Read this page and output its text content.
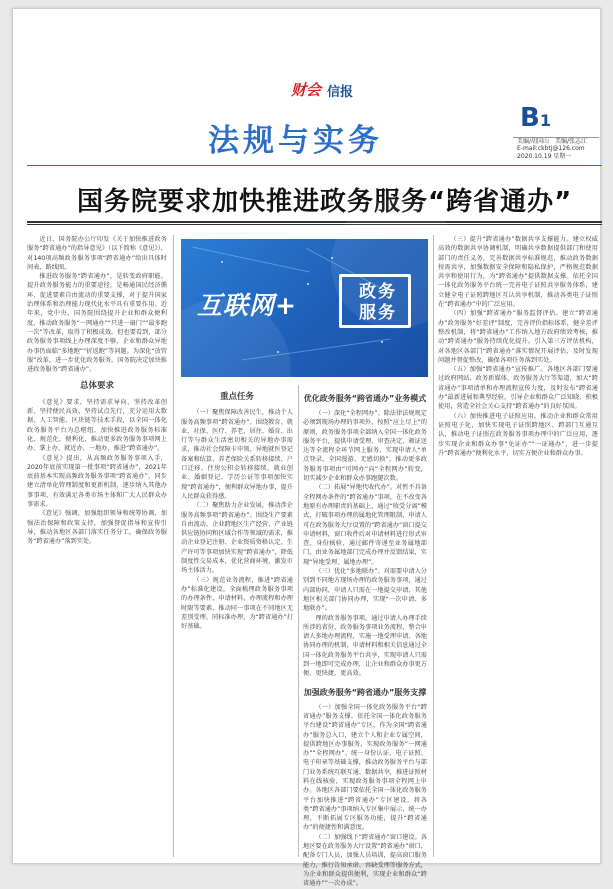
财会 信报
法规与实务
B1
美编/胡国山　美编/张志江
E-mail:ckbtj@126.com
2020.10.19 星期一
国务院要求加快推进政务服务“跨省通办”

近日，国务院办公厅印发《关于加快推进政务服务“跨省通办”的指导意见》（以下简称《意见》），对140项高频政务服务事项“跨省通办”给出具体时间表、路线图。

推进政务服务“跨省通办”，是转变政府职能、提升政务服务能力的重要途径，是畅通国民经济循环、促进要素自由流动的重要支撑，对于提升国家治理体系和治理能力现代化水平具有重要作用。近年来，党中央、国务院围绕提升企业和群众便利度，推动政务服务“一网通办”“只进一扇门”“最多跑一次”等改革，取得了积极成效。但也要看到，部分政务服务事项线上办理深度不够，企业和群众异地办事仍面临“多地跑”“折返跑”等问题。为深化“放管服”改革，进一步优化政务服务，国务院决定加快推进政务服务“跨省通办”。

总体要求

《意见》要求，坚持需求导向、坚持改革创新、坚持便民高效、坚持试点先行，充分运用大数据、人工智能、区块链等技术手段，以全国一体化政务服务平台为总枢纽，加快推进政务服务标准化、规范化、便利化，推动更多政务服务事项网上办、掌上办、就近办、一地办，推进“跨省通办”。

《意见》提出，从高频政务服务事项入手，2020年底前实现第一批事项“跨省通办”，2021年底前基本实现高频政务服务事项“跨省通办”，同步建立清单化管理制度和更新机制，逐步纳入其他办事事项，有效满足各类市场主体和广大人民群众办事需求。

《意见》强调，加强组织领导和统筹协调，加强法治保障和政策支持，加强督促指导和宣传引导，推动各地区各部门落实任务分工，确保政务服务“跨省通办”落到实处。

互联网+	政务
服务
重点任务

（一）聚焦保障改善民生，推动个人服务高频事项“跨省通办”。围绕教育、就业、社保、医疗、养老、居住、婚育、出行等与群众生活密切相关的异地办事需求，推动社会保障卡申领、异地就医登记备案和结算、养老保险关系转移接续、户口迁移、住房公积金转移接续、就业创业、婚姻登记、学历公证等事项加快实现“跨省通办”，便利群众异地办事，提升人民群众获得感。

（二）聚焦助力企业发展，推动涉企服务高频事项“跨省通办”。围绕生产要素自由流动、企业跨地区生产经营、产业链供应链协同和区域合作等领域的需求，推动企业登记注册、企业资质资格认定、生产许可等事项加快实现“跨省通办”，降低制度性交易成本，优化营商环境，激发市场主体活力。

（三）规范业务流程，推进“跨省通办”标准化建设。全面梳理政务服务事项的办理条件、申请材料、办理流程和办理时限等要素，推动同一事项在不同地区无差别受理、同标准办理，为“跨省通办”打好基础。

优化政务服务“跨省通办”业务模式

（一）深化“全程网办”。除法律法规规定必须到现场办理的事项外，按照“应上尽上”的原则，政务服务事项全部纳入全国一体化政务服务平台，提供申请受理、审查决定、颁证送达等全流程全环节网上服务，实现申请人“单点登录、全国漫游、无感切换”，推动更多政务服务事项由“可网办”向“全程网办”转变，切实减少企业和群众办事跑腿次数。

（二）拓展“异地代收代办”。对暂不具备全程网办条件的“跨省通办”事项，在不改变各地原有办理职责的基础上，通过“收受分离”模式，打破事项办理的属地化管理限制，申请人可在政务服务大厅设置的“跨省通办”窗口提交申请材料，窗口收件后对申请材料进行形式审查、身份核验，通过邮件寄递至业务属地部门，由业务属地部门完成办理并反馈结果，实现“异地受理、属地办理”。

（三）优化“多地联办”。对需要申请人分别到不同地方现场办理的政务服务事项，通过内部协同，申请人只需在一地提交申请，其他地区相关部门协同办理，实现“一次申请、多地联办”。

理的政务服务事项，通过申请人办理手续所涉的省份、政务服务事项业务流程，整合申请人多地办理流程，实施一地受理申请、各地协同办理的机制，申请材料和相关信息通过全国一体化政务服务平台共享，实现申请人只需到一地即可完成办理，让企业和群众办事更方便、更快捷、更高效。

加强政务服务“跨省通办”服务支撑

（一）加强全国一体化政务服务平台“跨省通办”服务支撑。依托全国一体化政务服务平台建设“跨省通办”专区，作为全国“跨省通办”服务总入口，建立个人和企业专属空间，提供跨地区办事服务，实现政务服务“一网通办”“全程网办”。统一身份认证、电子证照、电子印章等基础支撑，推动政务服务平台与部门业务系统互联互通、数据共享，推进证照材料在线核验，实现政务服务事项全程网上申办。各地区各部门要依托全国一体化政务服务平台加快推进“跨省通办”专区建设，将各类“跨省通办”事项纳入专区集中展示、统一办理，不断拓展专区服务功能，提升“跨省通办”的便捷性和满意度。

（二）加强线下“跨省通办”窗口建设。各地区要在政务服务大厅设置“跨省通办”窗口，配备专门人员，加强人员培训，提高窗口服务能力，推行告知承诺、容缺受理等服务方式，为企业和群众提供便利，实现企业和群众“跨省通办”“一次办成”。

（三）提升“跨省通办”数据共享支撑能力。建立权威高效的数据共享协调机制，明确共享数据提供部门和使用部门的责任义务，完善数据共享标准规范，推动政务数据按需共享，加强数据安全保障和隐私保护，严格规范数据共享和使用行为，为“跨省通办”提供数据支撑。依托全国一体化政务服务平台统一完善电子证照共享服务体系，建立健全电子证照跨地区互认共享机制，推动各类电子证照在“跨省通办”中的广泛应用。

（四）加强“跨省通办”服务监督评估。建立“跨省通办”政务服务“好差评”制度，完善评价指标体系，健全差评整改机制，将“跨省通办”工作纳入地方政府绩效考核，推动“跨省通办”服务持续优化提升。引入第三方评估机构，对各地区各部门“跨省通办”落实情况开展评估，及时发现问题并督促整改，确保各项任务落到实处。

（五）加强“跨省通办”宣传推广。各地区各部门要通过政府网站、政务新媒体、政务服务大厅等渠道，加大“跨省通办”事项清单和办理流程宣传力度，及时发布“跨省通办”最新进展和典型经验，引导企业和群众广泛知晓、积极使用，营造全社会关心支持“跨省通办”的良好氛围。

（六）加快推进电子证照应用。推动企业和群众常用证照电子化，加快实现电子证照跨地区、跨部门互通互认，推动电子证照在政务服务事项办理中的广泛应用，逐步实现企业和群众办事“免证办”“一证通办”，进一步提升“跨省通办”便利化水平，切实方便企业和群众办事。
